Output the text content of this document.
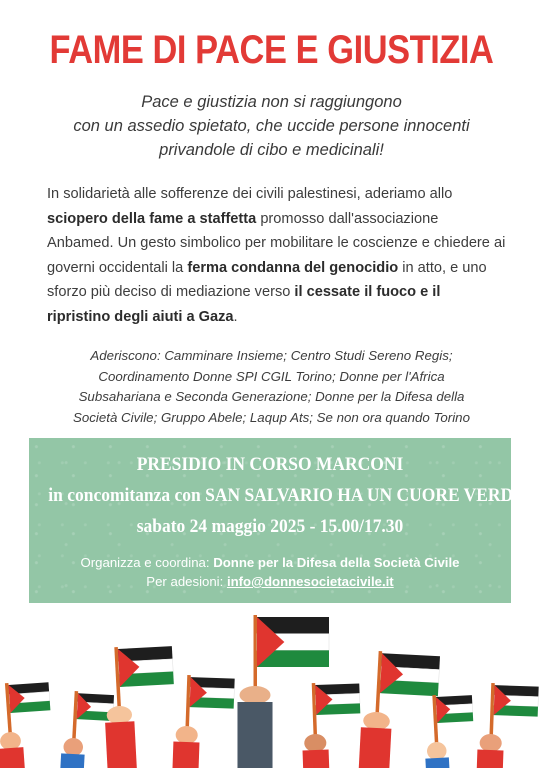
FAME DI PACE E GIUSTIZIA
Pace e giustizia non si raggiungono
con un assedio spietato, che uccide persone innocenti
privandole di cibo e medicinali!
In solidarietà alle sofferenze dei civili palestinesi, aderiamo allo sciopero della fame a staffetta promosso dall'associazione Anbamed. Un gesto simbolico per mobilitare le coscienze e chiedere ai governi occidentali la ferma condanna del genocidio in atto, e uno sforzo più deciso di mediazione verso il cessate il fuoco e il ripristino degli aiuti a Gaza.
Aderiscono: Camminare Insieme; Centro Studi Sereno Regis;
Coordinamento Donne SPI CGIL Torino; Donne per l'Africa
Subsahariana e Seconda Generazione; Donne per la Difesa della
Società Civile; Gruppo Abele; Laqup Ats; Se non ora quando Torino
PRESIDIO IN CORSO MARCONI
in concomitanza con SAN SALVARIO HA UN CUORE VERDE
sabato 24 maggio 2025 - 15.00/17.30
Organizza e coordina: Donne per la Difesa della Società Civile
Per adesioni: info@donnesocietacivile.it
